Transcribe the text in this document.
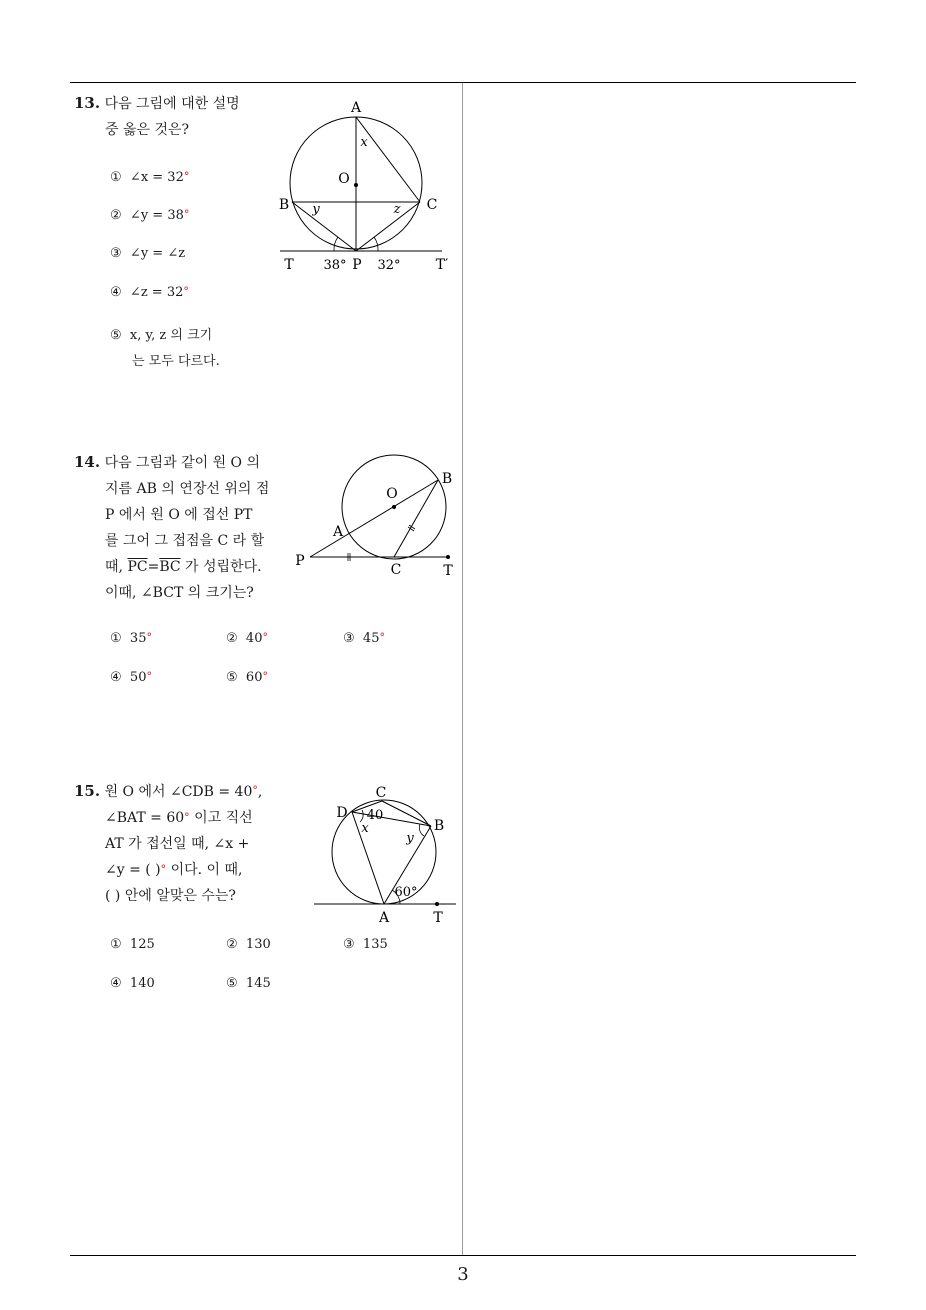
3
13. 다음 그림에 대한 설명
중 옳은 것은?
① ∠x = 32°
② ∠y = 38°
③ ∠y = ∠z
④ ∠z = 32°
⑤ x, y, z 의 크기
는 모두 다르다.
A
O
B	C
x
y	z
T 38° P 32°	T′
14. 다음 그림과 같이 원 O 의
지름 AB 의 연장선 위의 점
P 에서 원 O 에 접선 PT
를 그어 그 접점을 C 라 할
때, $\overline{PC}=\overline{BC}$ 가 성립한다.
이때, ∠BCT 의 크기는?
O
A
B
P
C	T
① 35°	② 40°	③ 45°
④ 50°	⑤ 60°
15. 원 O 에서 ∠CDB = 40°,
∠BAT = 60° 이고 직선
AT 가 접선일 때, ∠x +
∠y = ( )° 이다. 이 때,
( ) 안에 알맞은 수는?
C
D
B
40
x
y
60°
A	T
① 125	② 130	③ 135
④ 140	⑤ 145
